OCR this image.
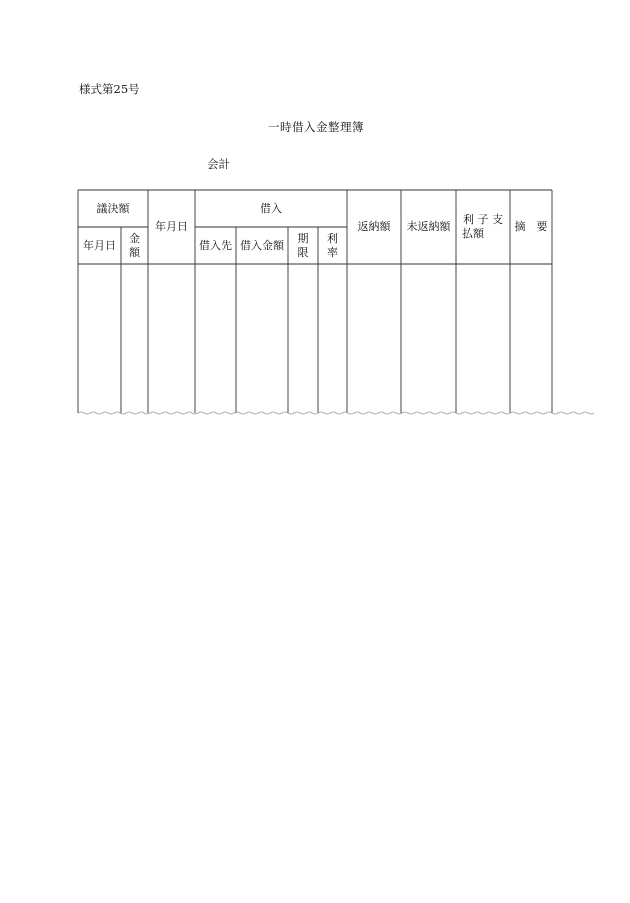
様式第25号
一時借入金整理簿
会計
議決額
年月日
金
額
年月日
借入
借入先 借入金額
期
限
利
率
返納額	未返納額
利 子 支
払額
摘　要
